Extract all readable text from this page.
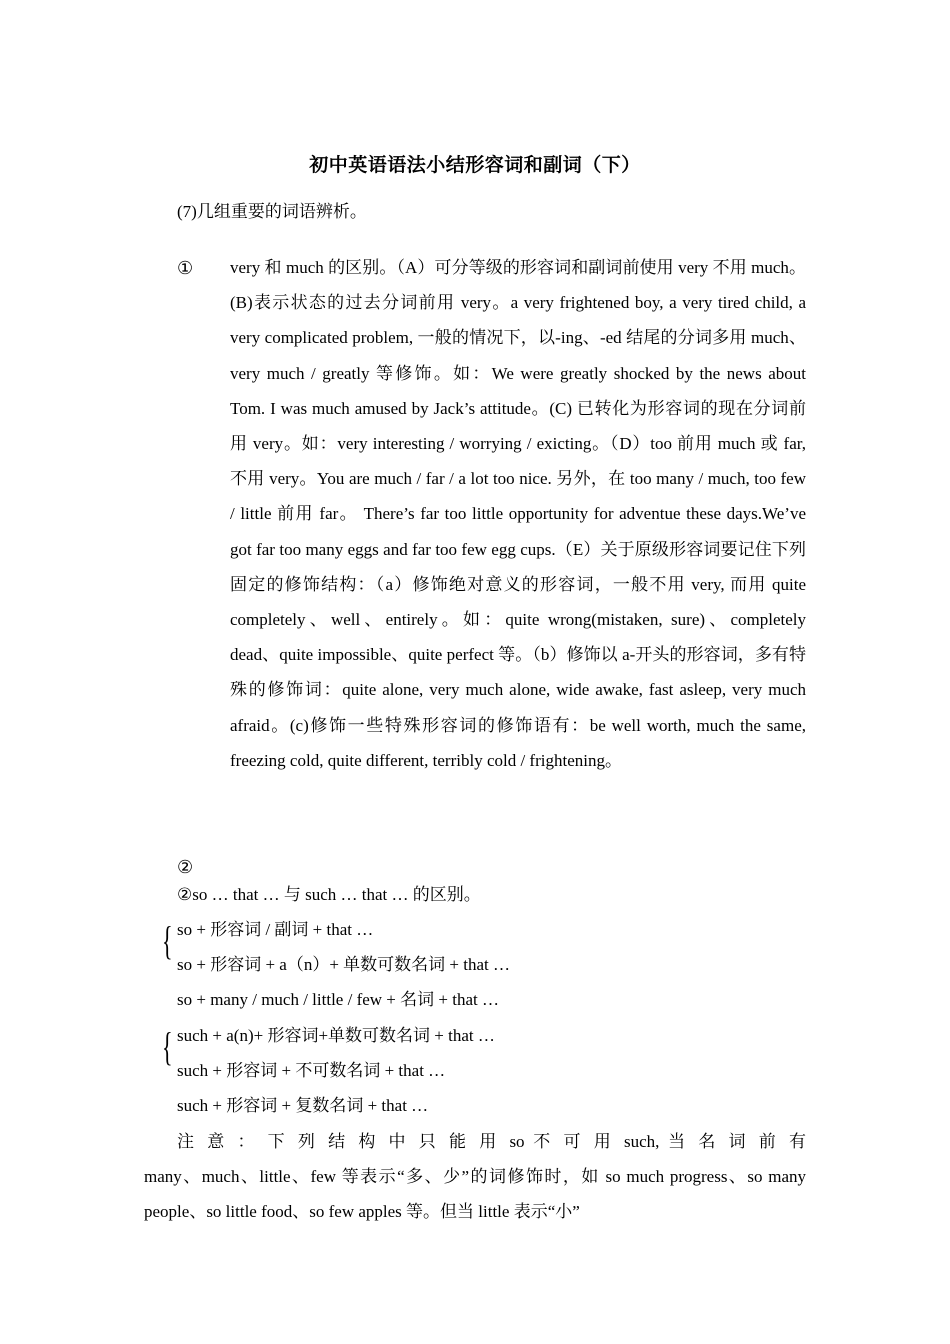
初中英语语法小结形容词和副词（下）
(7)几组重要的词语辨析。
① very 和 much 的区别。（A）可分等级的形容词和副词前使用 very 不用 much。(B)表示状态的过去分词前用 very。a very frightened boy, a very tired child, a very complicated problem, 一般的情况下，以-ing、-ed 结尾的分词多用 much、very much / greatly 等修饰。如：We were greatly shocked by the news about Tom. I was much amused by Jack’s attitude。(C) 已转化为形容词的现在分词前用 very。如：very interesting / worrying / exicting。（D）too 前用 much 或 far, 不用 very。You are much / far / a lot too nice. 另外，在 too many / much, too few / little 前用 far。 There’s far too little opportunity for adventue these days.We’ve got far too many eggs and far too few egg cups.（E）关于原级形容词要记住下列固定的修饰结构：（a）修饰绝对意义的形容词，一般不用 very, 而用 quite completely、well、entirely。如：quite wrong(mistaken, sure)、completely dead、quite impossible、quite perfect 等。（b）修饰以 a-开头的形容词，多有特殊的修饰词：quite alone, very much alone, wide awake, fast asleep, very much afraid。(c)修饰一些特殊形容词的修饰语有：be well worth, much the same, freezing cold, quite different, terribly cold / frightening。
②
②so … that … 与 such … that … 的区别。
{ so + 形容词 / 副词 + that …
so + 形容词 + a（n）+ 单数可数名词 + that …
so + many / much / little / few + 名词 + that …
{ such + a(n)+ 形容词+单数可数名词 + that …
such + 形容词 + 不可数名词 + that …
such + 形容词 + 复数名词 + that …
注 意 ： 下 列 结 构 中 只 能 用 so 不 可 用 such, 当 名 词 前 有
many、much、little、few 等表示“多、少”的词修饰时，如 so much progress、so many people、so little food、so few apples 等。但当 little 表示“小”
